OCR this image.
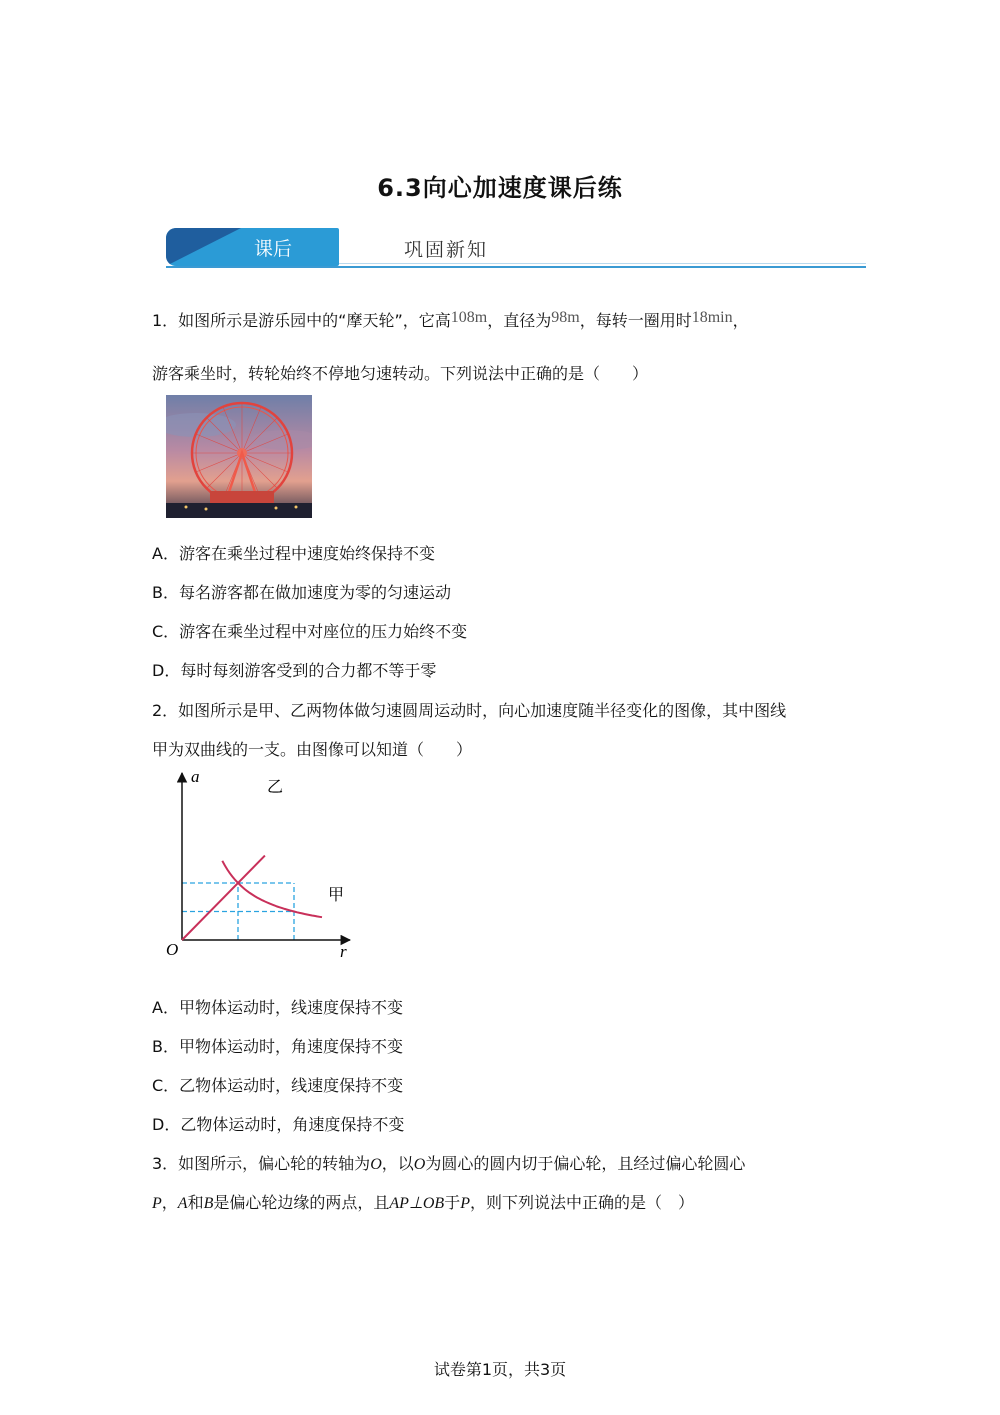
6.3向心加速度课后练
课后	巩固新知
1．如图所示是游乐园中的“摩天轮”，它高108m，直径为98m，每转一圈用时18min，
游客乘坐时，转轮始终不停地匀速转动。下列说法中正确的是（　　）
A．游客在乘坐过程中速度始终保持不变
B．每名游客都在做加速度为零的匀速运动
C．游客在乘坐过程中对座位的压力始终不变
D．每时每刻游客受到的合力都不等于零
2．如图所示是甲、乙两物体做匀速圆周运动时，向心加速度随半径变化的图像，其中图线
甲为双曲线的一支。由图像可以知道（　　）
a
r
O
乙
甲
A．甲物体运动时，线速度保持不变
B．甲物体运动时，角速度保持不变
C．乙物体运动时，线速度保持不变
D．乙物体运动时，角速度保持不变
3．如图所示，偏心轮的转轴为O，以O为圆心的圆内切于偏心轮，且经过偏心轮圆心
P，A和B是偏心轮边缘的两点，且AP⊥OB于P，则下列说法中正确的是（　）
试卷第1页，共3页
